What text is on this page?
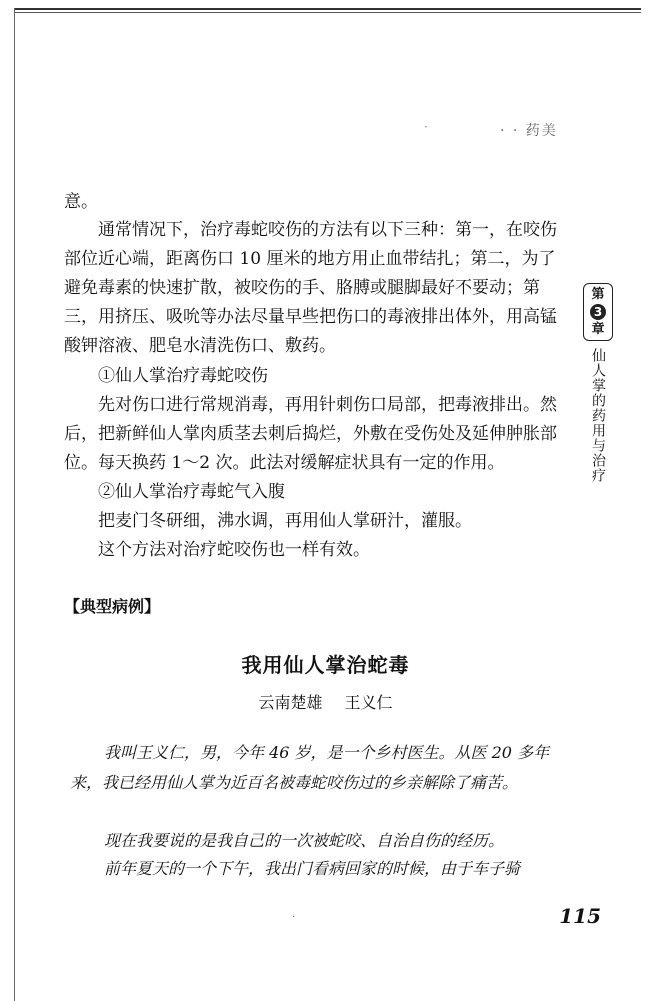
·	· · 药美

意。

通常情况下，治疗毒蛇咬伤的方法有以下三种：第一，在咬伤部位近心端，距离伤口 10 厘米的地方用止血带结扎；第二，为了避免毒素的快速扩散，被咬伤的手、胳膊或腿脚最好不要动；第三，用挤压、吸吮等办法尽量早些把伤口的毒液排出体外，用高锰酸钾溶液、肥皂水清洗伤口、敷药。

①仙人掌治疗毒蛇咬伤

先对伤口进行常规消毒，再用针刺伤口局部，把毒液排出。然后，把新鲜仙人掌肉质茎去刺后捣烂，外敷在受伤处及延伸肿胀部位。每天换药 1～2 次。此法对缓解症状具有一定的作用。

②仙人掌治疗毒蛇气入腹

把麦门冬研细，沸水调，再用仙人掌研汁，灌服。

这个方法对治疗蛇咬伤也一样有效。

【典型病例】
我用仙人掌治蛇毒
云南楚雄 王义仁

我叫王义仁，男，今年 46 岁，是一个乡村医生。从医 20 多年来，我已经用仙人掌为近百名被毒蛇咬伤过的乡亲解除了痛苦。

现在我要说的是我自己的一次被蛇咬、自治自伤的经历。

前年夏天的一个下午，我出门看病回家的时候，由于车子骑

第
3
章
仙人掌的药用与治疗
·	115
